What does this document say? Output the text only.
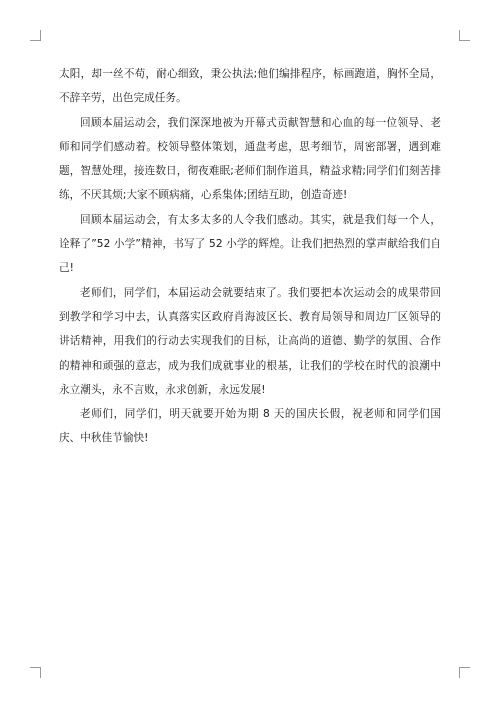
太阳，却一丝不苟，耐心细致，秉公执法;他们编排程序，标画跑道，胸怀全局，不辞辛劳，出色完成任务。

回顾本届运动会，我们深深地被为开幕式贡献智慧和心血的每一位领导、老师和同学们感动着。校领导整体策划，通盘考虑，思考细节，周密部署，遇到难题，智慧处理，接连数日，彻夜难眠;老师们制作道具，精益求精;同学们们刻苦排练，不厌其烦;大家不顾病痛，心系集体;团结互助，创造奇迹!

回顾本届运动会，有太多太多的人令我们感动。其实，就是我们每一个人，诠释了”52 小学”精神，书写了 52 小学的辉煌。让我们把热烈的掌声献给我们自己!

老师们，同学们，本届运动会就要结束了。我们要把本次运动会的成果带回到教学和学习中去，认真落实区政府肖海波区长、教育局领导和周边厂区领导的讲话精神，用我们的行动去实现我们的目标，让高尚的道德、勤学的氛围、合作的精神和顽强的意志，成为我们成就事业的根基，让我们的学校在时代的浪潮中永立潮头，永不言败，永求创新，永远发展!

老师们，同学们，明天就要开始为期 8 天的国庆长假，祝老师和同学们国庆、中秋佳节愉快!
